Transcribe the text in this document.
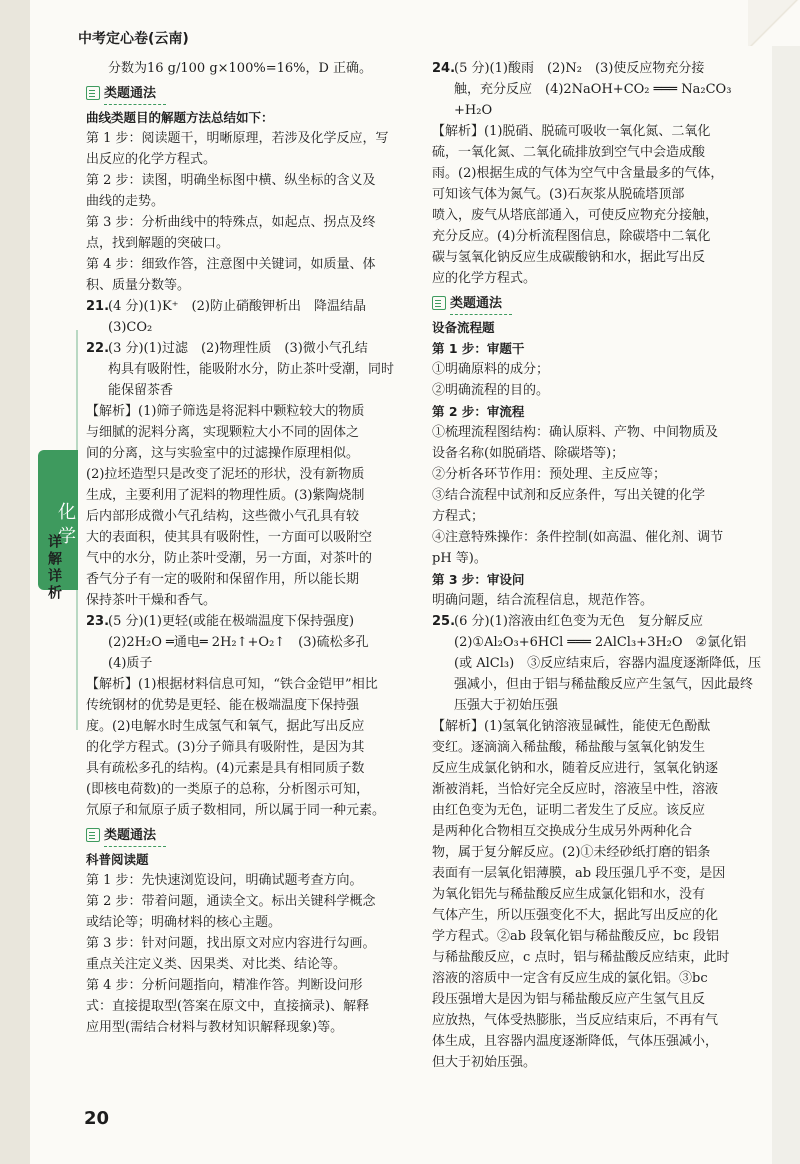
中考定心卷(云南)
化学
详解详析
分数为16 g/100 g×100%=16%，D 正确。
类题通法
曲线类题目的解题方法总结如下：
第 1 步：阅读题干，明晰原理，若涉及化学反应，写
出反应的化学方程式。
第 2 步：读图，明确坐标图中横、纵坐标的含义及
曲线的走势。
第 3 步：分析曲线中的特殊点，如起点、拐点及终
点，找到解题的突破口。
第 4 步：细致作答，注意图中关键词，如质量、体
积、质量分数等。
21.(4 分)(1)K⁺　(2)防止硝酸钾析出　降温结晶
(3)CO₂
22.(3 分)(1)过滤　(2)物理性质　(3)微小气孔结
构具有吸附性，能吸附水分，防止茶叶受潮，同时
能保留茶香
【解析】(1)筛子筛选是将泥料中颗粒较大的物质
与细腻的泥料分离，实现颗粒大小不同的固体之
间的分离，这与实验室中的过滤操作原理相似。
(2)拉坯造型只是改变了泥坯的形状，没有新物质
生成，主要利用了泥料的物理性质。(3)紫陶烧制
后内部形成微小气孔结构，这些微小气孔具有较
大的表面积，使其具有吸附性，一方面可以吸附空
气中的水分，防止茶叶受潮，另一方面，对茶叶的
香气分子有一定的吸附和保留作用，所以能长期
保持茶叶干燥和香气。
23.(5 分)(1)更轻(或能在极端温度下保持强度)
(2)2H₂O ═通电═ 2H₂↑+O₂↑　(3)硫松多孔
(4)质子
【解析】(1)根据材料信息可知，“铁合金铠甲”相比
传统钢材的优势是更轻、能在极端温度下保持强
度。(2)电解水时生成氢气和氧气，据此写出反应
的化学方程式。(3)分子筛具有吸附性，是因为其
具有疏松多孔的结构。(4)元素是具有相同质子数
(即核电荷数)的一类原子的总称，分析图示可知，
氘原子和氚原子质子数相同，所以属于同一种元素。
类题通法
科普阅读题
第 1 步：先快速浏览设问，明确试题考查方向。
第 2 步：带着问题，通读全文。标出关键科学概念
或结论等；明确材料的核心主题。
第 3 步：针对问题，找出原文对应内容进行勾画。
重点关注定义类、因果类、对比类、结论等。
第 4 步：分析问题指向，精准作答。判断设问形
式：直接提取型(答案在原文中，直接摘录)、解释
应用型(需结合材料与教材知识解释现象)等。
24.(5 分)(1)酸雨　(2)N₂　(3)使反应物充分接
触，充分反应　(4)2NaOH+CO₂ ═══ Na₂CO₃
+H₂O
【解析】(1)脱硝、脱硫可吸收一氧化氮、二氧化
硫，一氧化氮、二氧化硫排放到空气中会造成酸
雨。(2)根据生成的气体为空气中含量最多的气体，
可知该气体为氮气。(3)石灰浆从脱硫塔顶部
喷入，废气从塔底部通入，可使反应物充分接触，
充分反应。(4)分析流程图信息，除碳塔中二氧化
碳与氢氧化钠反应生成碳酸钠和水，据此写出反
应的化学方程式。
类题通法
设备流程题
第 1 步：审题干
①明确原料的成分；
②明确流程的目的。
第 2 步：审流程
①梳理流程图结构：确认原料、产物、中间物质及
设备名称(如脱硝塔、除碳塔等)；
②分析各环节作用：预处理、主反应等；
③结合流程中试剂和反应条件，写出关键的化学
方程式；
④注意特殊操作：条件控制(如高温、催化剂、调节
pH 等)。
第 3 步：审设问
明确问题，结合流程信息，规范作答。
25.(6 分)(1)溶液由红色变为无色　复分解反应
(2)①Al₂O₃+6HCl ═══ 2AlCl₃+3H₂O　②氯化铝
(或 AlCl₃)　③反应结束后，容器内温度逐渐降低，压
强减小，但由于铝与稀盐酸反应产生氢气，因此最终
压强大于初始压强
【解析】(1)氢氧化钠溶液显碱性，能使无色酚酞
变红。逐滴滴入稀盐酸，稀盐酸与氢氧化钠发生
反应生成氯化钠和水，随着反应进行，氢氧化钠逐
渐被消耗，当恰好完全反应时，溶液呈中性，溶液
由红色变为无色，证明二者发生了反应。该反应
是两种化合物相互交换成分生成另外两种化合
物，属于复分解反应。(2)①未经砂纸打磨的铝条
表面有一层氧化铝薄膜，ab 段压强几乎不变，是因
为氧化铝先与稀盐酸反应生成氯化铝和水，没有
气体产生，所以压强变化不大，据此写出反应的化
学方程式。②ab 段氧化铝与稀盐酸反应，bc 段铝
与稀盐酸反应，c 点时，铝与稀盐酸反应结束，此时
溶液的溶质中一定含有反应生成的氯化铝。③bc
段压强增大是因为铝与稀盐酸反应产生氢气且反
应放热，气体受热膨胀，当反应结束后，不再有气
体生成，且容器内温度逐渐降低，气体压强减小，
但大于初始压强。
20
